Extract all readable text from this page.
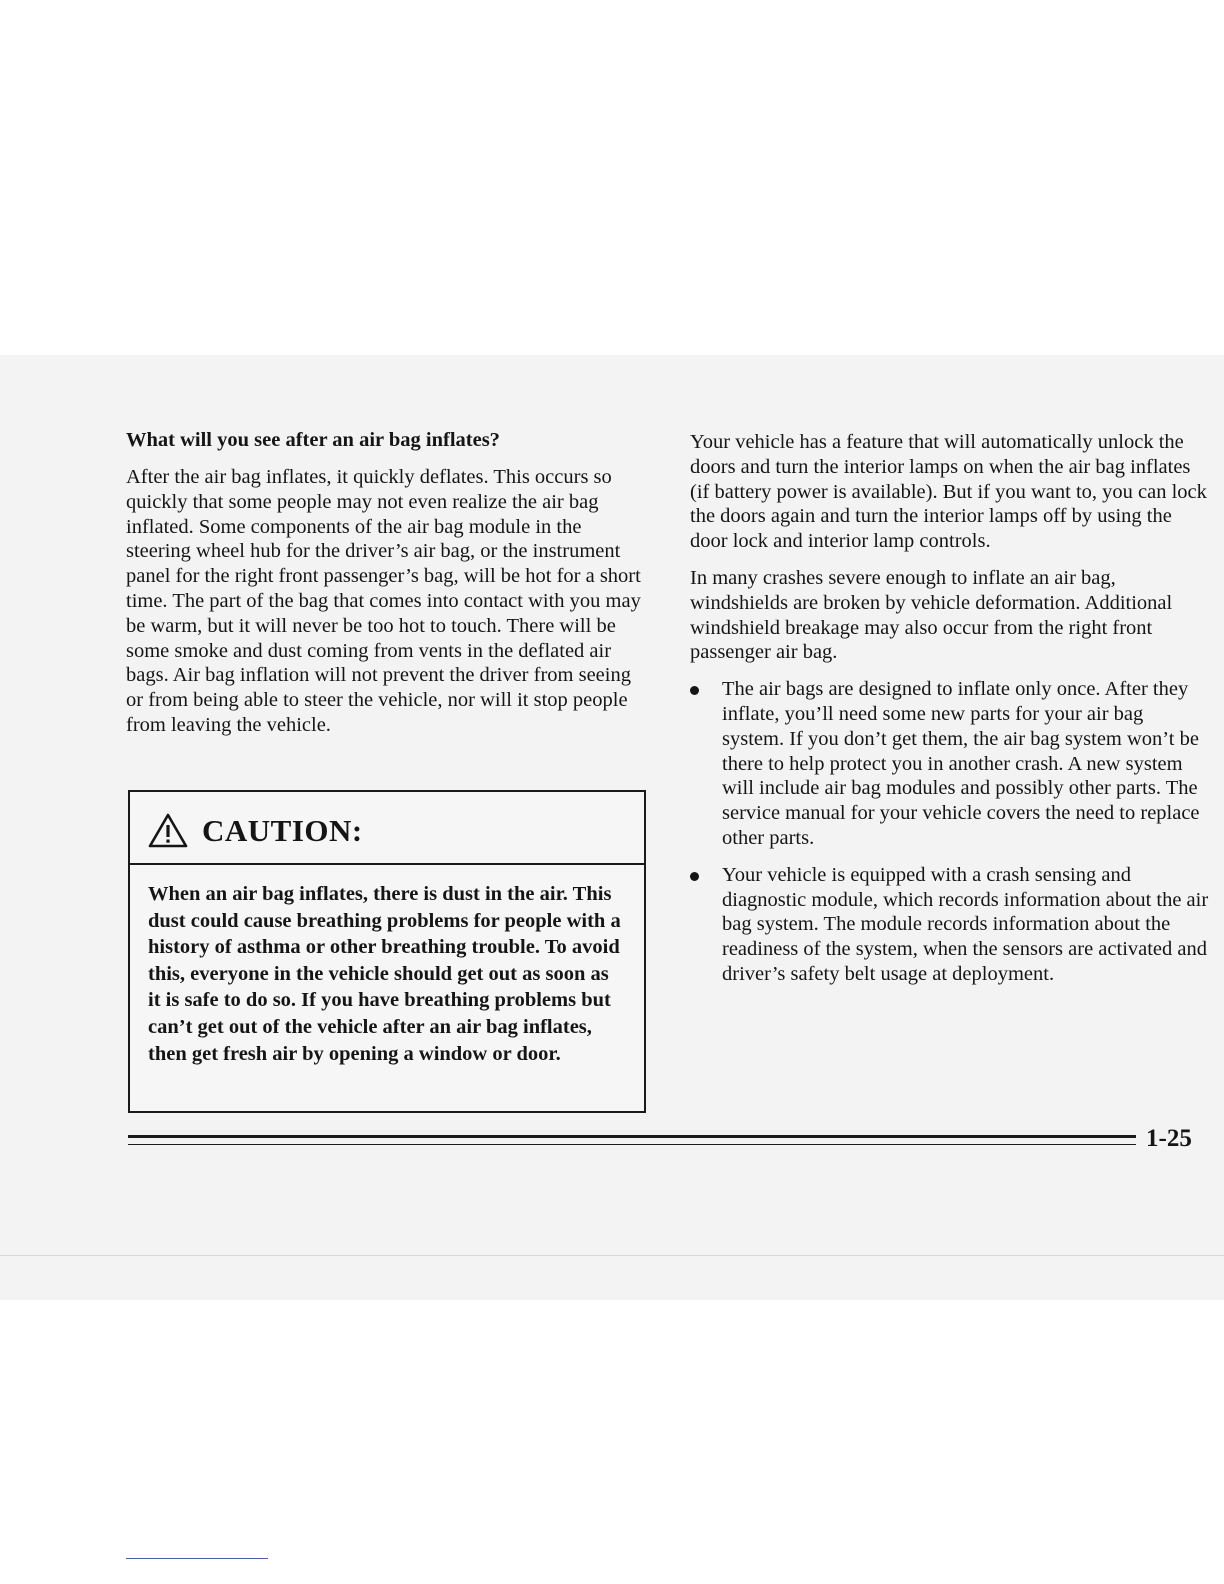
What will you see after an air bag inflates?

After the air bag inflates, it quickly deflates. This occurs so quickly that some people may not even realize the air bag inflated. Some components of the air bag module in the steering wheel hub for the driver’s air bag, or the instrument panel for the right front passenger’s bag, will be hot for a short time. The part of the bag that comes into contact with you may be warm, but it will never be too hot to touch. There will be some smoke and dust coming from vents in the deflated air bags. Air bag inflation will not prevent the driver from seeing or from being able to steer the vehicle, nor will it stop people from leaving the vehicle.

CAUTION:
When an air bag inflates, there is dust in the air. This dust could cause breathing problems for people with a history of asthma or other breathing trouble. To avoid this, everyone in the vehicle should get out as soon as it is safe to do so. If you have breathing problems but can’t get out of the vehicle after an air bag inflates, then get fresh air by opening a window or door.

Your vehicle has a feature that will automatically unlock the doors and turn the interior lamps on when the air bag inflates (if battery power is available). But if you want to, you can lock the doors again and turn the interior lamps off by using the door lock and interior lamp controls.

In many crashes severe enough to inflate an air bag, windshields are broken by vehicle deformation. Additional windshield breakage may also occur from the right front passenger air bag.

The air bags are designed to inflate only once. After they inflate, you’ll need some new parts for your air bag system. If you don’t get them, the air bag system won’t be there to help protect you in another crash. A new system will include air bag modules and possibly other parts. The service manual for your vehicle covers the need to replace other parts.
Your vehicle is equipped with a crash sensing and diagnostic module, which records information about the air bag system. The module records information about the readiness of the system, when the sensors are activated and driver’s safety belt usage at deployment.
1-25
